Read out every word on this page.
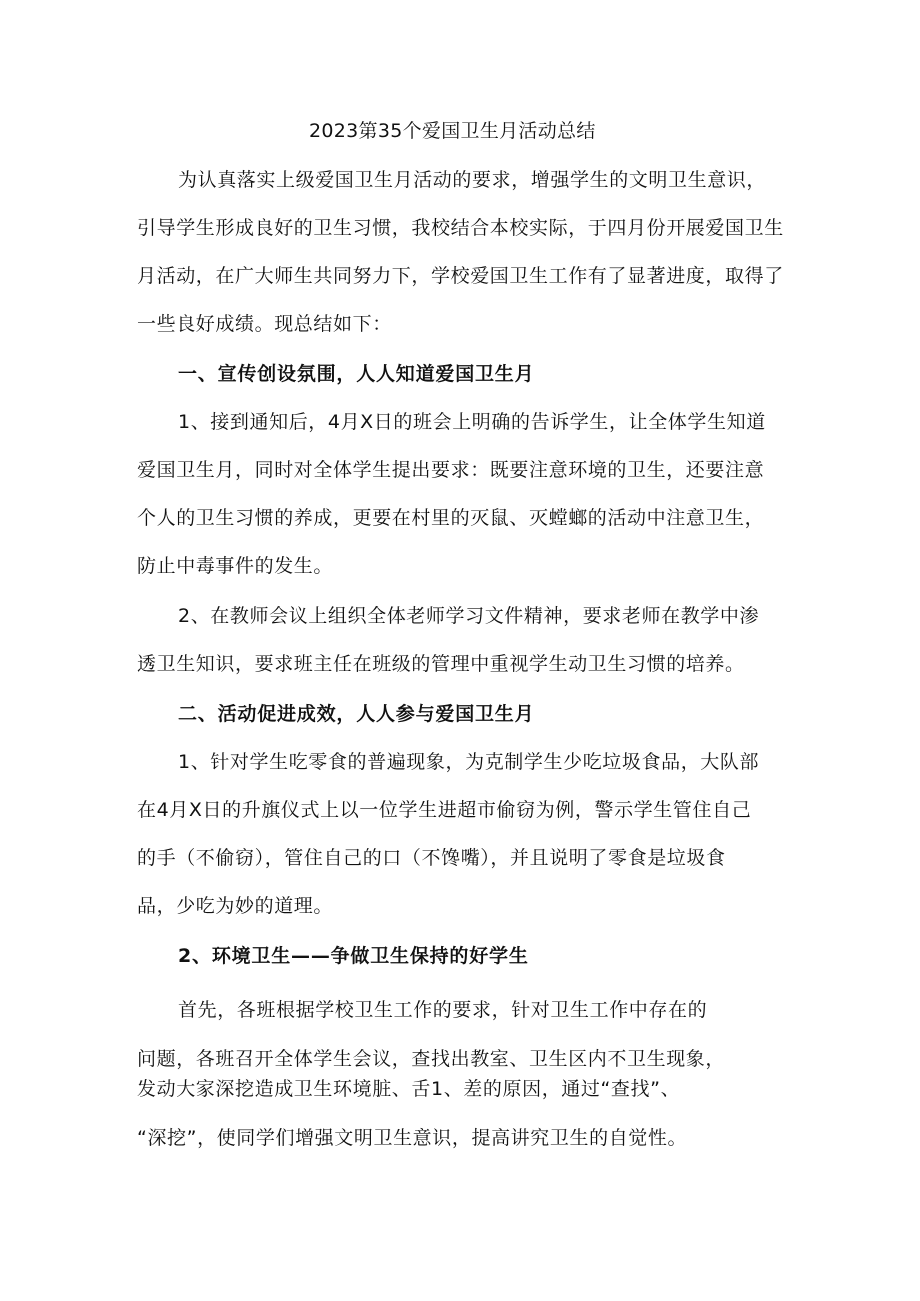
2023第35个爱国卫生月活动总结
为认真落实上级爱国卫生月活动的要求，增强学生的文明卫生意识，
引导学生形成良好的卫生习惯，我校结合本校实际，于四月份开展爱国卫生
月活动，在广大师生共同努力下，学校爱国卫生工作有了显著进度，取得了
一些良好成绩。现总结如下：
一、宣传创设氛围，人人知道爱国卫生月
1、接到通知后，4月X日的班会上明确的告诉学生，让全体学生知道
爱国卫生月，同时对全体学生提出要求：既要注意环境的卫生，还要注意
个人的卫生习惯的养成，更要在村里的灭鼠、灭螳螂的活动中注意卫生，
防止中毒事件的发生。
2、在教师会议上组织全体老师学习文件精神，要求老师在教学中渗
透卫生知识，要求班主任在班级的管理中重视学生动卫生习惯的培养。
二、活动促进成效，人人参与爱国卫生月
1、针对学生吃零食的普遍现象，为克制学生少吃垃圾食品，大队部
在4月X日的升旗仪式上以一位学生进超市偷窃为例，警示学生管住自己
的手（不偷窃），管住自己的口（不馋嘴），并且说明了零食是垃圾食
品，少吃为妙的道理。
2、环境卫生——争做卫生保持的好学生
首先，各班根据学校卫生工作的要求，针对卫生工作中存在的
问题，各班召开全体学生会议，查找出教室、卫生区内不卫生现象，
发动大家深挖造成卫生环境脏、舌1、差的原因，通过“查找”、
“深挖”，使同学们增强文明卫生意识，提高讲究卫生的自觉性。
